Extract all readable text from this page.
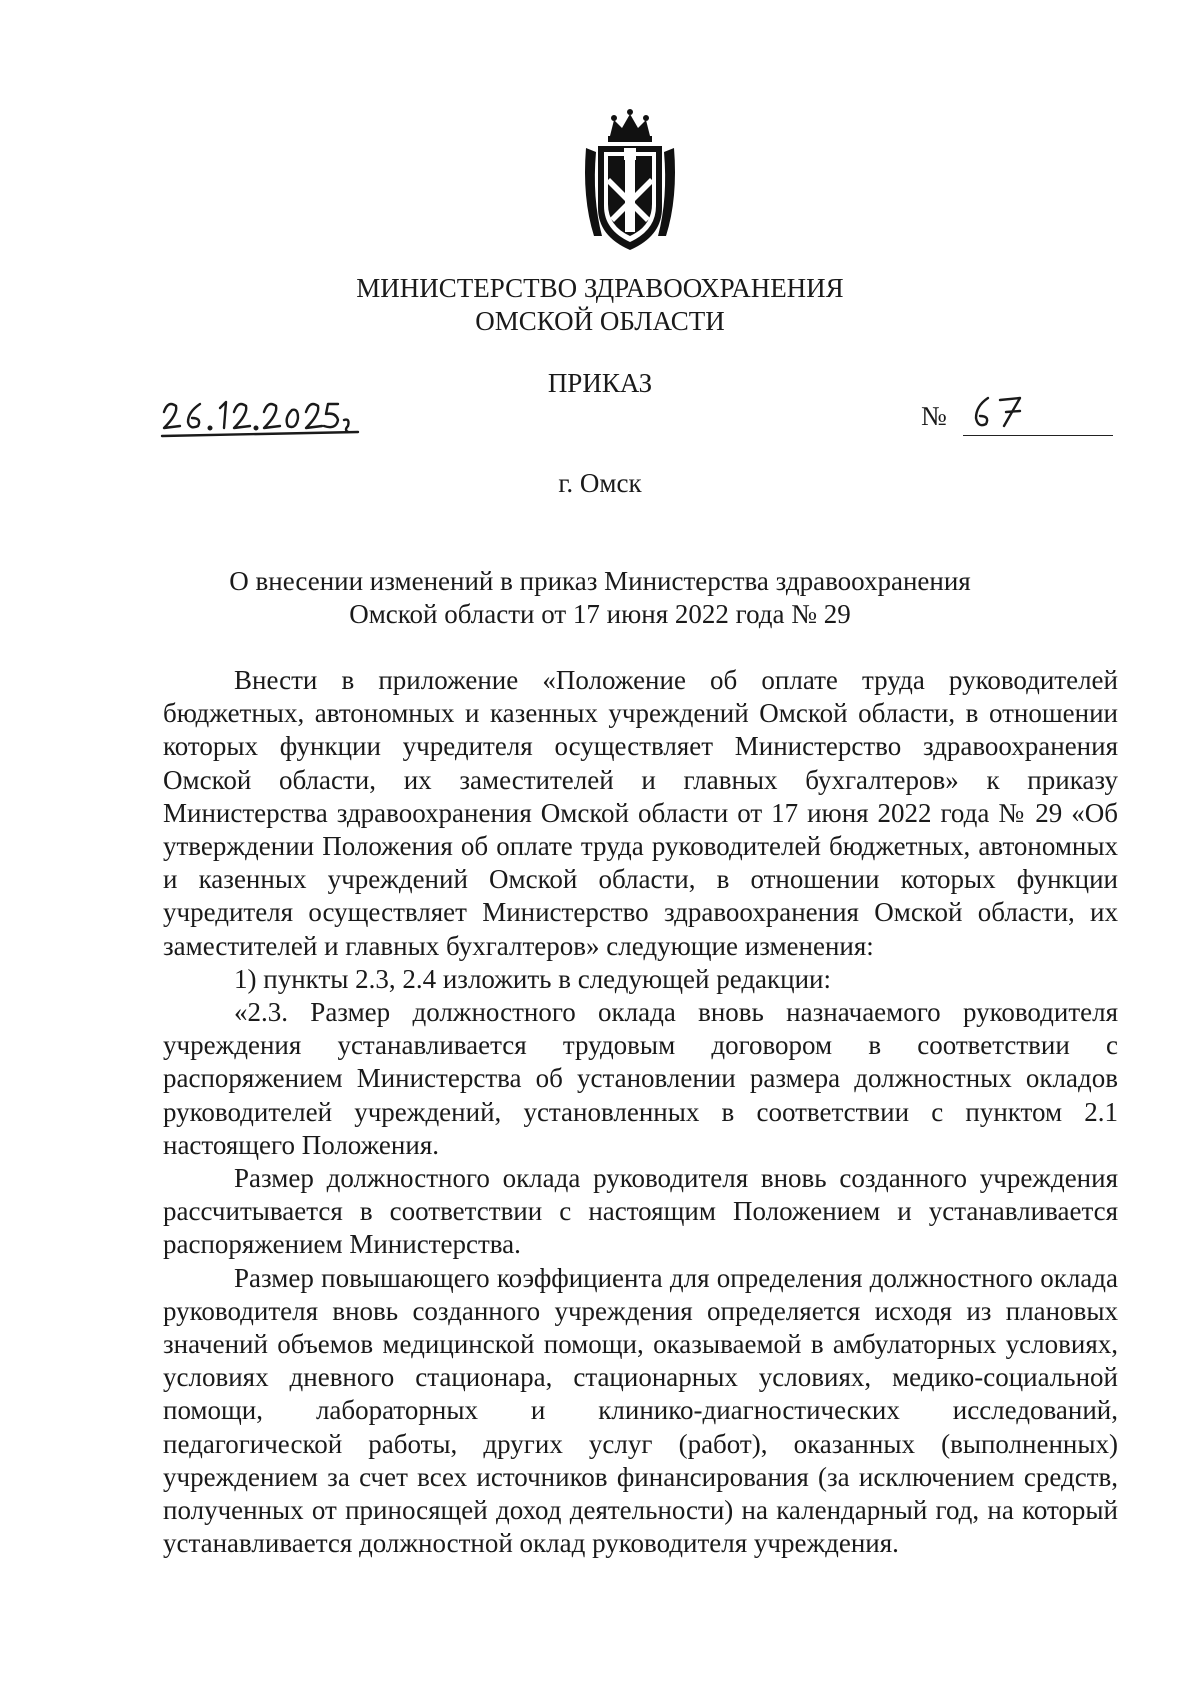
МИНИСТЕРСТВО ЗДРАВООХРАНЕНИЯ
ОМСКОЙ ОБЛАСТИ
ПРИКАЗ
№
г. Омск
О внесении изменений в приказ Министерства здравоохранения
Омской области от 17 июня 2022 года № 29

Внести в приложение «Положение об оплате труда руководителей бюджетных, автономных и казенных учреждений Омской области, в отношении которых функции учредителя осуществляет Министерство здравоохранения Омской области, их заместителей и главных бухгалтеров» к приказу Министерства здравоохранения Омской области от 17 июня 2022 года № 29 «Об утверждении Положения об оплате труда руководителей бюджетных, автономных и казенных учреждений Омской области, в отношении которых функции учредителя осуществляет Министерство здравоохранения Омской области, их заместителей и главных бухгалтеров» следующие изменения:

1) пункты 2.3, 2.4 изложить в следующей редакции:

«2.3. Размер должностного оклада вновь назначаемого руководителя учреждения устанавливается трудовым договором в соответствии с распоряжением Министерства об установлении размера должностных окладов руководителей учреждений, установленных в соответствии с пунктом 2.1 настоящего Положения.

Размер должностного оклада руководителя вновь созданного учреждения рассчитывается в соответствии с настоящим Положением и устанавливается распоряжением Министерства.

Размер повышающего коэффициента для определения должностного оклада руководителя вновь созданного учреждения определяется исходя из плановых значений объемов медицинской помощи, оказываемой в амбулаторных условиях, условиях дневного стационара, стационарных условиях, медико-социальной помощи, лабораторных и клинико-диагностических исследований, педагогической работы, других услуг (работ), оказанных (выполненных) учреждением за счет всех источников финансирования (за исключением средств, полученных от приносящей доход деятельности) на календарный год, на который устанавливается должностной оклад руководителя учреждения.
